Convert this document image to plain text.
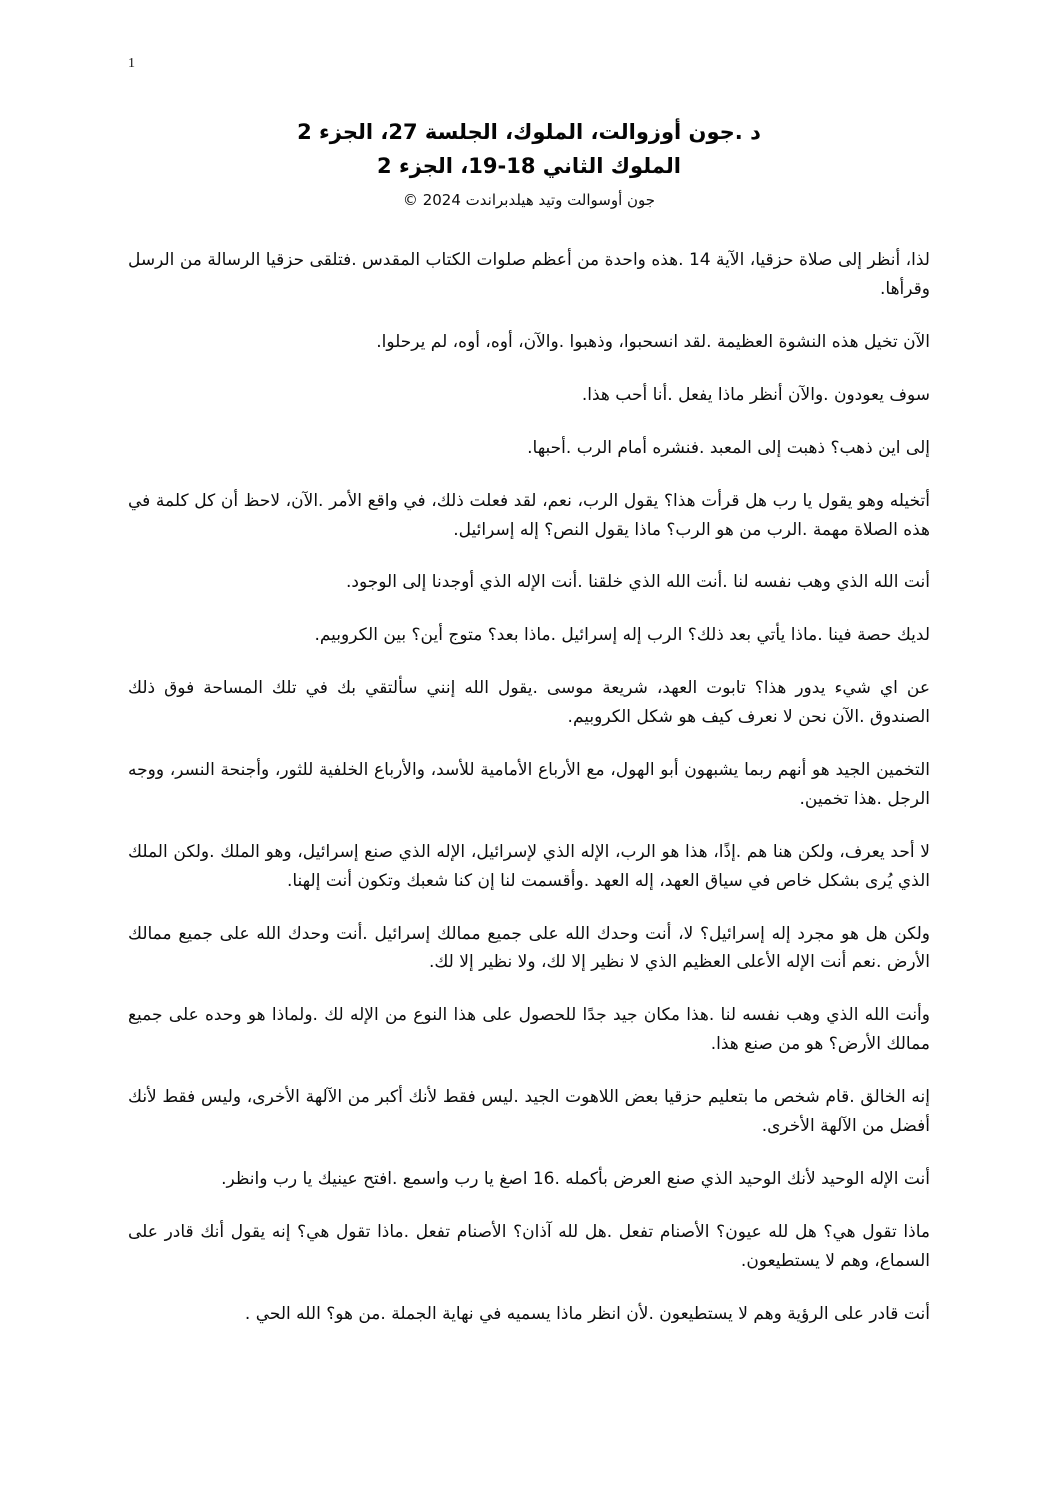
1
د .جون أوزوالت، الملوك، الجلسة 27، الجزء 2
الملوك الثاني 18-19، الجزء 2
جون أوسوالت وتيد هيلدبراندت 2024 ©

لذا، أنظر إلى صلاة حزقيا، الآية 14 .هذه واحدة من أعظم صلوات الكتاب المقدس .فتلقى حزقيا الرسالة من الرسل وقرأها.

الآن تخيل هذه النشوة العظيمة .لقد انسحبوا، وذهبوا .والآن، أوه، أوه، لم يرحلوا.

سوف يعودون .والآن أنظر ماذا يفعل .أنا أحب هذا.

إلى اين ذهب؟ ذهبت إلى المعبد .فنشره أمام الرب .أحبها.

أتخيله وهو يقول يا رب هل قرأت هذا؟ يقول الرب، نعم، لقد فعلت ذلك، في واقع الأمر .الآن، لاحظ أن كل كلمة في هذه الصلاة مهمة .الرب من هو الرب؟ ماذا يقول النص؟ إله إسرائيل.

أنت الله الذي وهب نفسه لنا .أنت الله الذي خلقنا .أنت الإله الذي أوجدنا إلى الوجود.

لديك حصة فينا .ماذا يأتي بعد ذلك؟ الرب إله إسرائيل .ماذا بعد؟ متوج أين؟ بين الكروبيم.

عن اي شيء يدور هذا؟ تابوت العهد، شريعة موسى .يقول الله إنني سألتقي بك في تلك المساحة فوق ذلك الصندوق .الآن نحن لا نعرف كيف هو شكل الكروبيم.

التخمين الجيد هو أنهم ربما يشبهون أبو الهول، مع الأرباع الأمامية للأسد، والأرباع الخلفية للثور، وأجنحة النسر، ووجه الرجل .هذا تخمين.

لا أحد يعرف، ولكن هنا هم .إذًا، هذا هو الرب، الإله الذي لإسرائيل، الإله الذي صنع إسرائيل، وهو الملك .ولكن الملك الذي يُرى بشكل خاص في سياق العهد، إله العهد .وأقسمت لنا إن كنا شعبك وتكون أنت إلهنا.

ولكن هل هو مجرد إله إسرائيل؟ لا، أنت وحدك الله على جميع ممالك إسرائيل .أنت وحدك الله على جميع ممالك الأرض .نعم أنت الإله الأعلى العظيم الذي لا نظير إلا لك، ولا نظير إلا لك.

وأنت الله الذي وهب نفسه لنا .هذا مكان جيد جدًا للحصول على هذا النوع من الإله لك .ولماذا هو وحده على جميع ممالك الأرض؟ هو من صنع هذا.

إنه الخالق .قام شخص ما بتعليم حزقيا بعض اللاهوت الجيد .ليس فقط لأنك أكبر من الآلهة الأخرى، وليس فقط لأنك أفضل من الآلهة الأخرى.

أنت الإله الوحيد لأنك الوحيد الذي صنع العرض بأكمله .16 اصغ يا رب واسمع .افتح عينيك يا رب وانظر.

ماذا تقول هي؟ هل لله عيون؟ الأصنام تفعل .هل لله آذان؟ الأصنام تفعل .ماذا تقول هي؟ إنه يقول أنك قادر على السماع، وهم لا يستطيعون.

أنت قادر على الرؤية وهم لا يستطيعون .لأن انظر ماذا يسميه في نهاية الجملة .من هو؟ الله الحي .
